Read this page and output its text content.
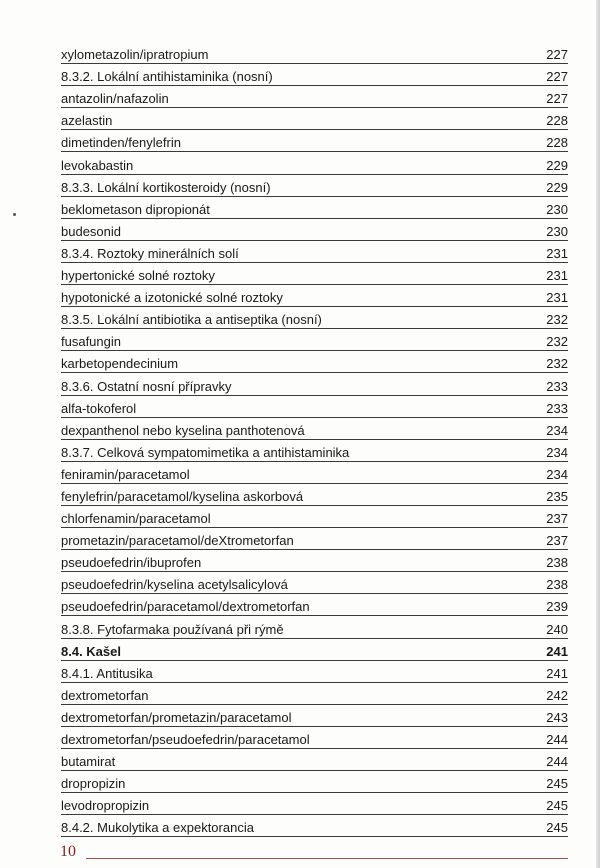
xylometazolin/ipratropium	227
8.3.2. Lokální antihistaminika (nosní)	227
antazolin/nafazolin	227
azelastin	228
dimetinden/fenylefrin	228
levokabastin	229
8.3.3. Lokální kortikosteroidy (nosní)	229
beklometason dipropionát	230
budesonid	230
8.3.4. Roztoky minerálních solí	231
hypertonické solné roztoky	231
hypotonické a izotonické solné roztoky	231
8.3.5. Lokální antibiotika a antiseptika (nosní)	232
fusafungin	232
karbetopendecinium	232
8.3.6. Ostatní nosní přípravky	233
alfa-tokoferol	233
dexpanthenol nebo kyselina panthotenová	234
8.3.7. Celková sympatomimetika a antihistaminika	234
feniramin/paracetamol	234
fenylefrin/paracetamol/kyselina askorbová	235
chlorfenamin/paracetamol	237
prometazin/paracetamol/deXtrometorfan	237
pseudoefedrin/ibuprofen	238
pseudoefedrin/kyselina acetylsalicylová	238
pseudoefedrin/paracetamol/dextrometorfan	239
8.3.8. Fytofarmaka používaná při rýmě	240
8.4. Kašel	241
8.4.1. Antitusika	241
dextrometorfan	242
dextrometorfan/prometazin/paracetamol	243
dextrometorfan/pseudoefedrin/paracetamol	244
butamirat	244
dropropizin	245
levodropropizin	245
8.4.2. Mukolytika a expektorancia	245
10
